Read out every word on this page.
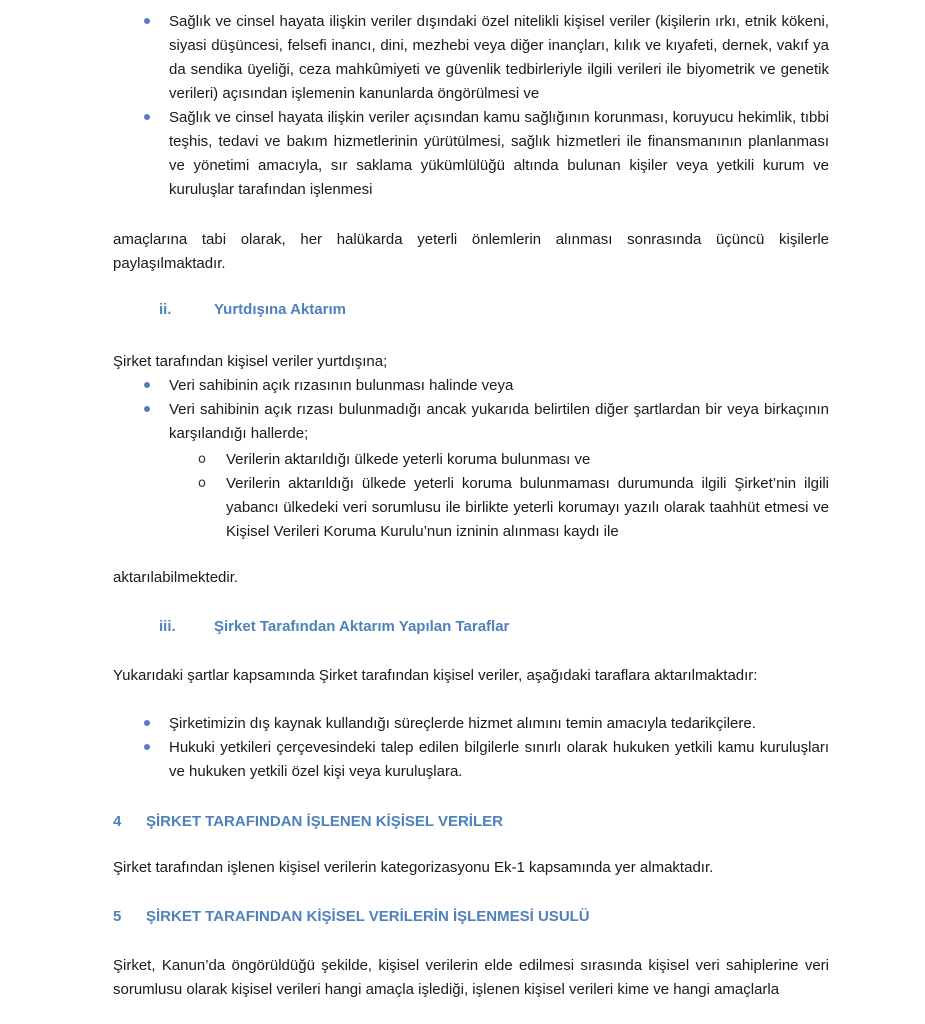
Sağlık ve cinsel hayata ilişkin veriler dışındaki özel nitelikli kişisel veriler (kişilerin ırkı, etnik kökeni, siyasi düşüncesi, felsefi inancı, dini, mezhebi veya diğer inançları, kılık ve kıyafeti, dernek, vakıf ya da sendika üyeliği, ceza mahkûmiyeti ve güvenlik tedbirleriyle ilgili verileri ile biyometrik ve genetik verileri) açısından işlemenin kanunlarda öngörülmesi ve

Sağlık ve cinsel hayata ilişkin veriler açısından kamu sağlığının korunması, koruyucu hekimlik, tıbbi teşhis, tedavi ve bakım hizmetlerinin yürütülmesi, sağlık hizmetleri ile finansmanının planlanması ve yönetimi amacıyla, sır saklama yükümlülüğü altında bulunan kişiler veya yetkili kurum ve kuruluşlar tarafından işlenmesi

amaçlarına tabi olarak, her halükarda yeterli önlemlerin alınması sonrasında üçüncü kişilerle paylaşılmaktadır.

ii.	Yurtdışına Aktarım

Şirket tarafından kişisel veriler yurtdışına;

Veri sahibinin açık rızasının bulunması halinde veya

Veri sahibinin açık rızası bulunmadığı ancak yukarıda belirtilen diğer şartlardan bir veya birkaçının karşılandığı hallerde;

o Verilerin aktarıldığı ülkede yeterli koruma bulunması ve

o Verilerin aktarıldığı ülkede yeterli koruma bulunmaması durumunda ilgili Şirket’nin ilgili yabancı ülkedeki veri sorumlusu ile birlikte yeterli korumayı yazılı olarak taahhüt etmesi ve Kişisel Verileri Koruma Kurulu’nun izninin alınması kaydı ile

aktarılabilmektedir.

iii.	Şirket Tarafından Aktarım Yapılan Taraflar

Yukarıdaki şartlar kapsamında Şirket tarafından kişisel veriler, aşağıdaki taraflara aktarılmaktadır:

Şirketimizin dış kaynak kullandığı süreçlerde hizmet alımını temin amacıyla tedarikçilere.

Hukuki yetkileri çerçevesindeki talep edilen bilgilerle sınırlı olarak hukuken yetkili kamu kuruluşları ve hukuken yetkili özel kişi veya kuruluşlara.

4 ŞİRKET TARAFINDAN İŞLENEN KİŞİSEL VERİLER

Şirket tarafından işlenen kişisel verilerin kategorizasyonu Ek-1 kapsamında yer almaktadır.

5 ŞİRKET TARAFINDAN KİŞİSEL VERİLERİN İŞLENMESİ USULÜ

Şirket, Kanun’da öngörüldüğü şekilde, kişisel verilerin elde edilmesi sırasında kişisel veri sahiplerine veri sorumlusu olarak kişisel verileri hangi amaçla işlediği, işlenen kişisel verileri kime ve hangi amaçlarla
